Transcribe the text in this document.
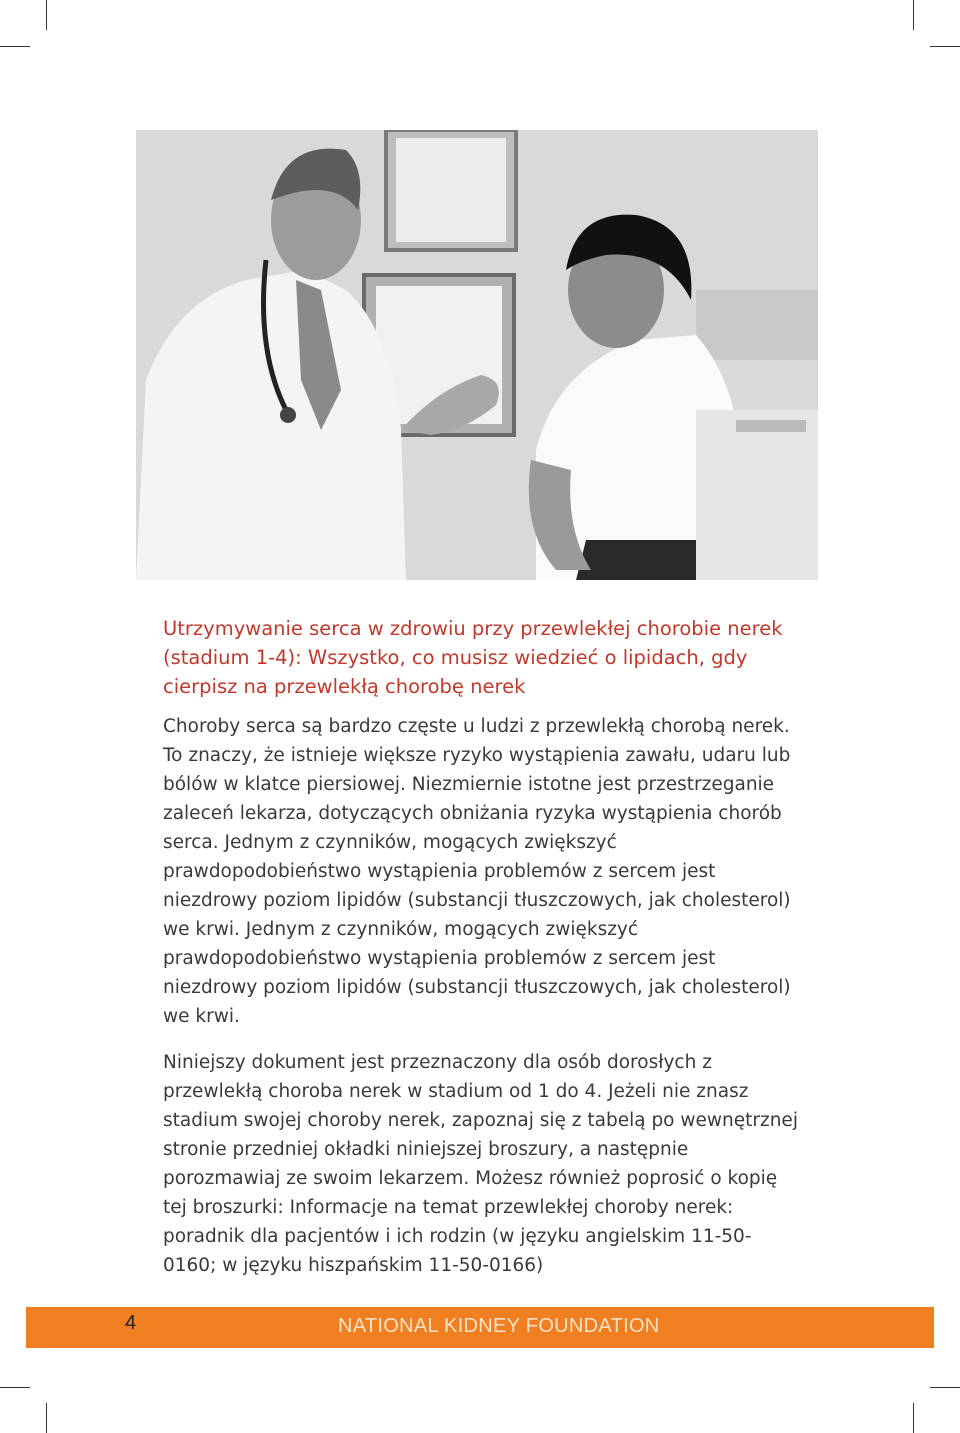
Utrzymywanie serca w zdrowiu przy przewlekłej chorobie nerek (stadium 1-4): Wszystko, co musisz wiedzieć o lipidach, gdy cierpisz na przewlekłą chorobę nerek

Choroby serca są bardzo częste u ludzi z przewlekłą chorobą nerek. To znaczy, że istnieje większe ryzyko wystąpienia zawału, udaru lub bólów w klatce piersiowej. Niezmiernie istotne jest przestrzeganie zaleceń lekarza, dotyczących obniżania ryzyka wystąpienia chorób serca. Jednym z czynników, mogących zwiększyć prawdopodobieństwo wystąpienia problemów z sercem jest niezdrowy poziom lipidów (substancji tłuszczowych, jak cholesterol) we krwi. Jednym z czynników, mogących zwiększyć prawdopodobieństwo wystąpienia problemów z sercem jest niezdrowy poziom lipidów (substancji tłuszczowych, jak cholesterol) we krwi.

Niniejszy dokument jest przeznaczony dla osób dorosłych z przewlekłą choroba nerek w stadium od 1 do 4. Jeżeli nie znasz stadium swojej choroby nerek, zapoznaj się z tabelą po wewnętrznej stronie przedniej okładki niniejszej broszury, a następnie porozmawiaj ze swoim lekarzem. Możesz również poprosić o kopię tej broszurki: Informacje na temat przewlekłej choroby nerek: poradnik dla pacjentów i ich rodzin (w języku angielskim 11-50-0160; w języku hiszpańskim 11-50-0166)

4	NATIONAL KIDNEY FOUNDATION
